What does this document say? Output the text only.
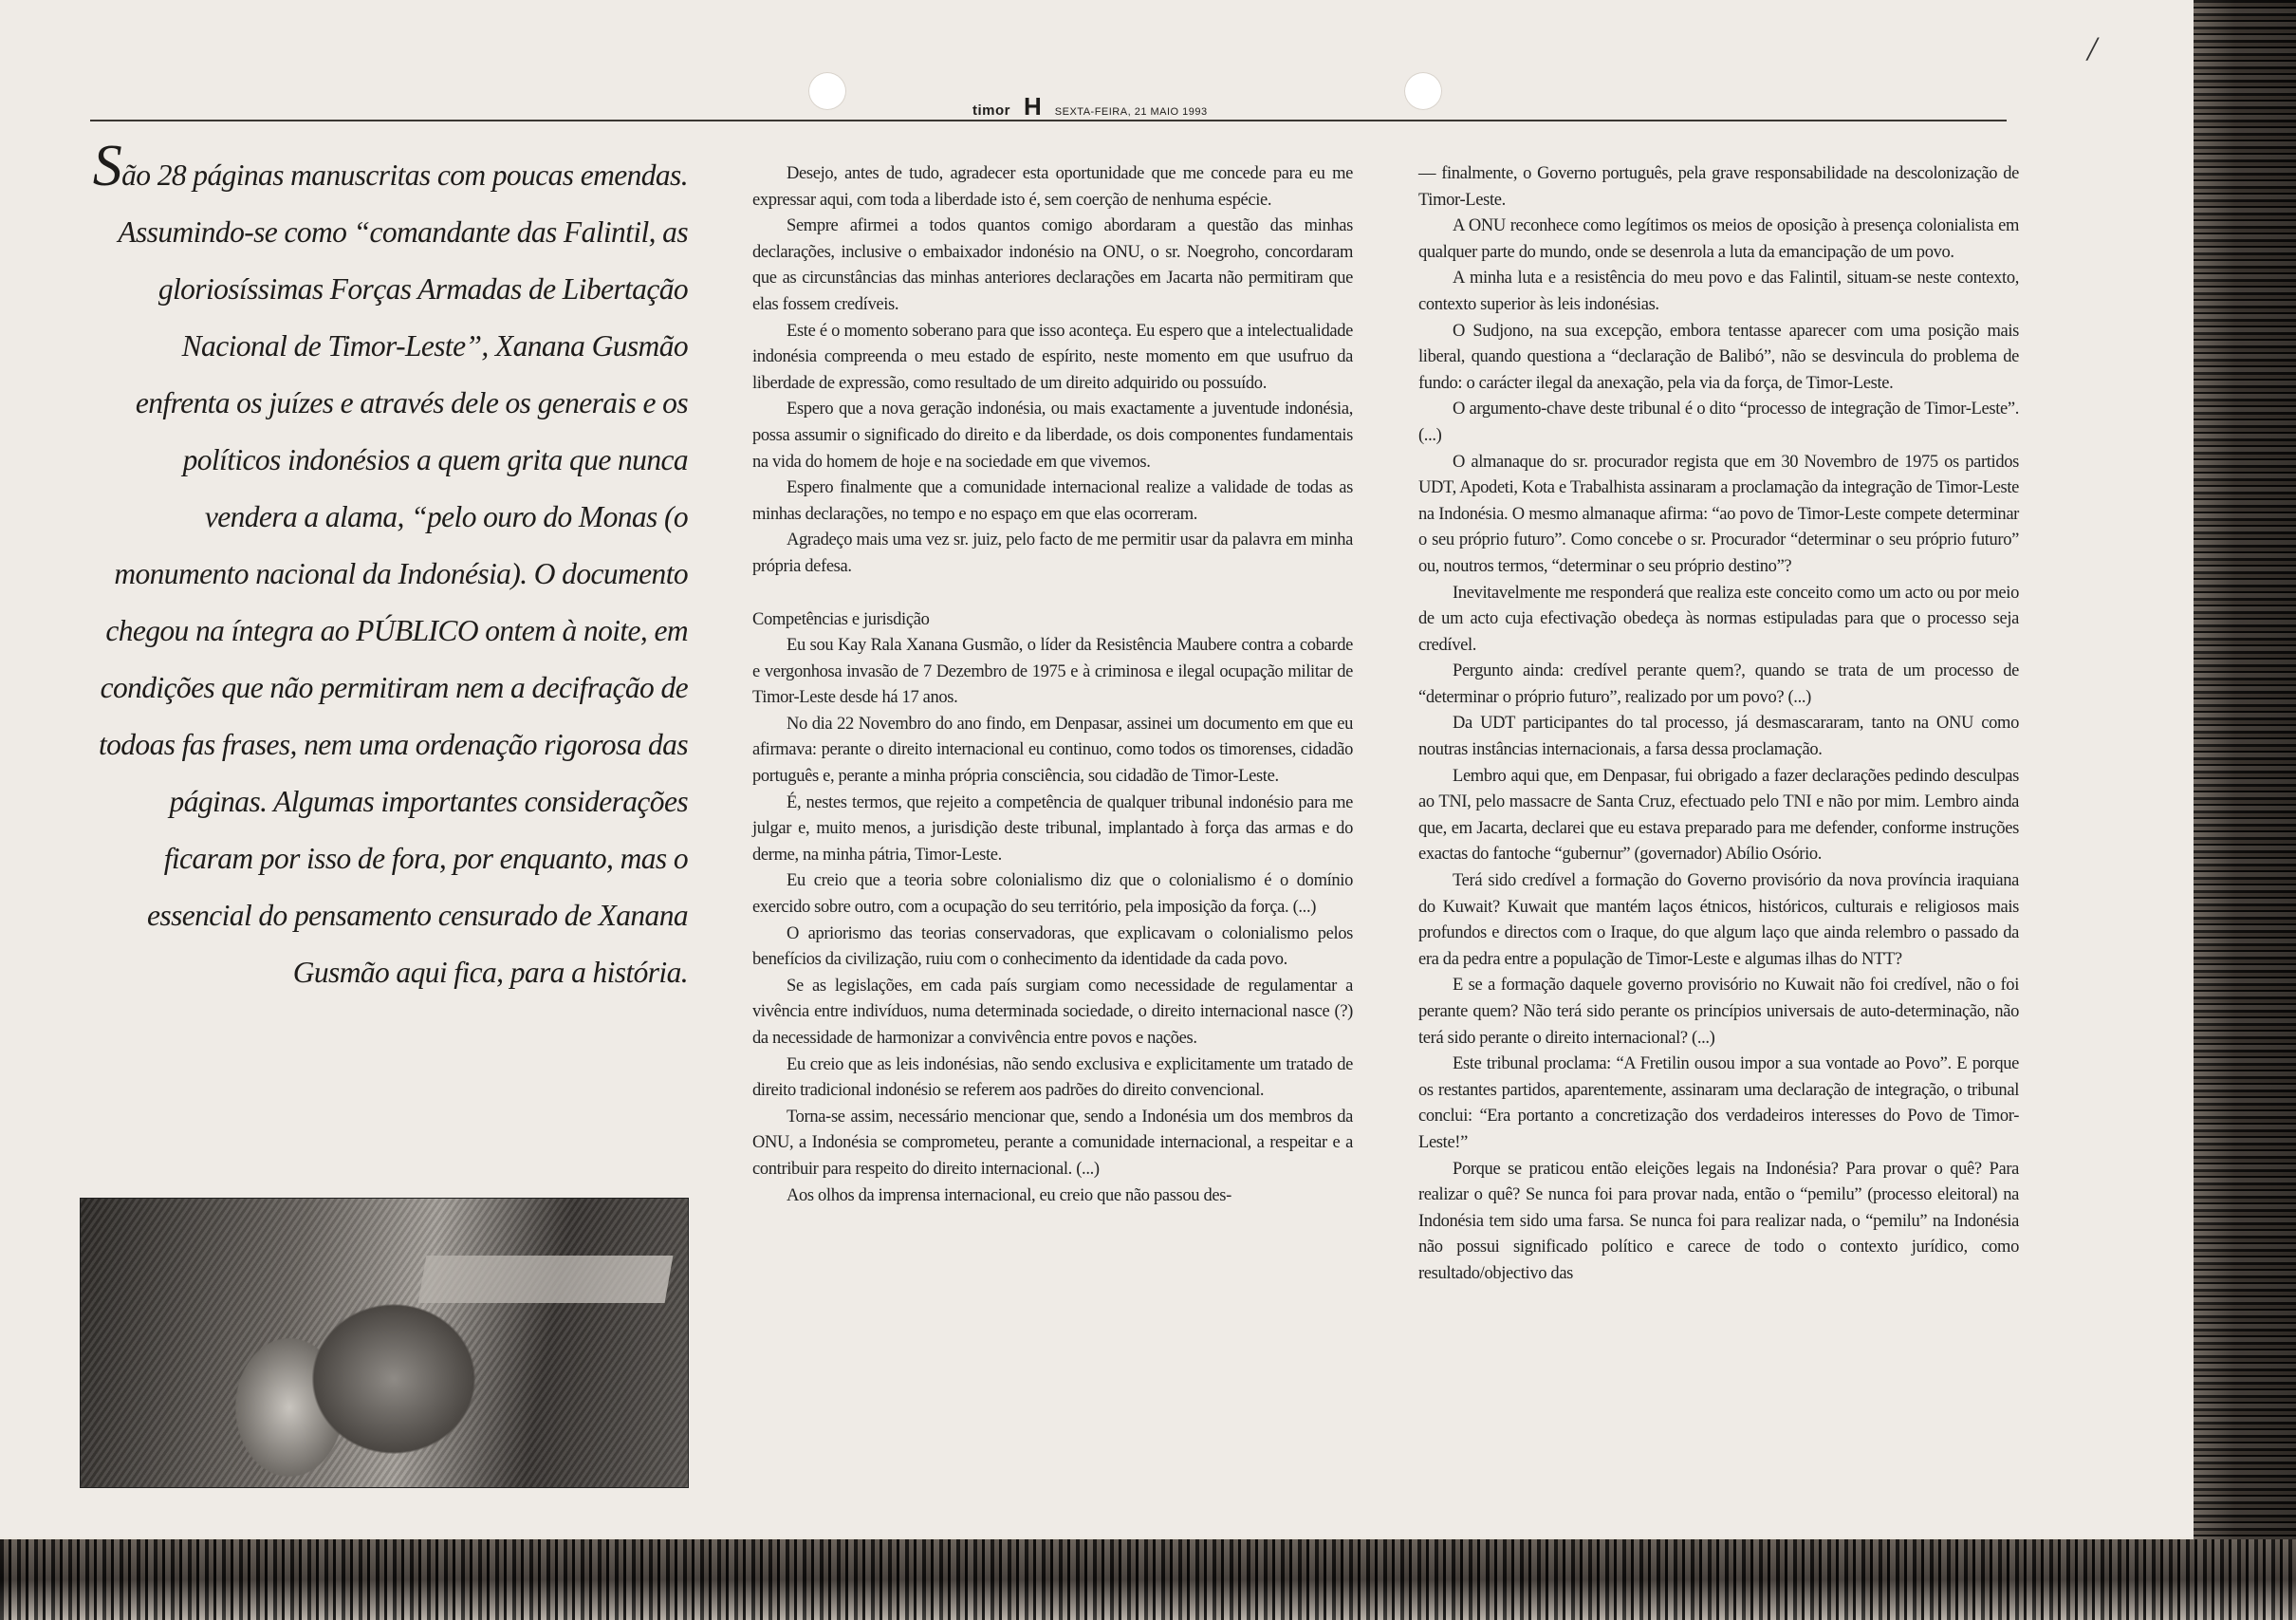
/
timor H SEXTA-FEIRA, 21 MAIO 1993
São 28 páginas manuscritas com poucas emendas. Assumindo-se como “comandante das Falintil, as gloriosíssimas Forças Armadas de Libertação Nacional de Timor-Leste”, Xanana Gusmão enfrenta os juízes e através dele os generais e os políticos indonésios a quem grita que nunca vendera a alama, “pelo ouro do Monas (o monumento nacional da Indonésia). O documento chegou na íntegra ao PÚBLICO ontem à noite, em condições que não permitiram nem a decifração de todoas fas frases, nem uma ordenação rigorosa das páginas. Algumas importantes considerações ficaram por isso de fora, por enquanto, mas o essencial do pensamento censurado de Xanana Gusmão aqui fica, para a história.

Desejo, antes de tudo, agradecer esta oportunidade que me concede para eu me expressar aqui, com toda a liberdade isto é, sem coerção de nenhuma espécie.

Sempre afirmei a todos quantos comigo abordaram a questão das minhas declarações, inclusive o embaixador indonésio na ONU, o sr. Noegroho, concordaram que as circunstâncias das minhas anteriores declarações em Jacarta não permitiram que elas fossem credíveis.

Este é o momento soberano para que isso aconteça. Eu espero que a intelectualidade indonésia compreenda o meu estado de espírito, neste momento em que usufruo da liberdade de expressão, como resultado de um direito adquirido ou possuído.

Espero que a nova geração indonésia, ou mais exactamente a juventude indonésia, possa assumir o significado do direito e da liberdade, os dois componentes fundamentais na vida do homem de hoje e na sociedade em que vivemos.

Espero finalmente que a comunidade internacional realize a validade de todas as minhas declarações, no tempo e no espaço em que elas ocorreram.

Agradeço mais uma vez sr. juiz, pelo facto de me permitir usar da palavra em minha própria defesa.

Competências e jurisdição

Eu sou Kay Rala Xanana Gusmão, o líder da Resistência Maubere contra a cobarde e vergonhosa invasão de 7 Dezembro de 1975 e à criminosa e ilegal ocupação militar de Timor-Leste desde há 17 anos.

No dia 22 Novembro do ano findo, em Denpasar, assinei um documento em que eu afirmava: perante o direito internacional eu continuo, como todos os timorenses, cidadão português e, perante a minha própria consciência, sou cidadão de Timor-Leste.

É, nestes termos, que rejeito a competência de qualquer tribunal indonésio para me julgar e, muito menos, a jurisdição deste tribunal, implantado à força das armas e do derme, na minha pátria, Timor-Leste.

Eu creio que a teoria sobre colonialismo diz que o colonialismo é o domínio exercido sobre outro, com a ocupação do seu território, pela imposição da força. (...)

O apriorismo das teorias conservadoras, que explicavam o colonialismo pelos benefícios da civilização, ruiu com o conhecimento da identidade da cada povo.

Se as legislações, em cada país surgiam como necessidade de regulamentar a vivência entre indivíduos, numa determinada sociedade, o direito internacional nasce (?) da necessidade de harmonizar a convivência entre povos e nações.

Eu creio que as leis indonésias, não sendo exclusiva e explicitamente um tratado de direito tradicional indonésio se referem aos padrões do direito convencional.

Torna-se assim, necessário mencionar que, sendo a Indonésia um dos membros da ONU, a Indonésia se comprometeu, perante a comunidade internacional, a respeitar e a contribuir para respeito do direito internacional. (...)

Aos olhos da imprensa internacional, eu creio que não passou des-

— finalmente, o Governo português, pela grave responsabilidade na descolonização de Timor-Leste.

A ONU reconhece como legítimos os meios de oposição à presença colonialista em qualquer parte do mundo, onde se desenrola a luta da emancipação de um povo.

A minha luta e a resistência do meu povo e das Falintil, situam-se neste contexto, contexto superior às leis indonésias.

O Sudjono, na sua excepção, embora tentasse aparecer com uma posição mais liberal, quando questiona a “declaração de Balibó”, não se desvincula do problema de fundo: o carácter ilegal da anexação, pela via da força, de Timor-Leste.

O argumento-chave deste tribunal é o dito “processo de integração de Timor-Leste”. (...)

O almanaque do sr. procurador regista que em 30 Novembro de 1975 os partidos UDT, Apodeti, Kota e Trabalhista assinaram a proclamação da integração de Timor-Leste na Indonésia. O mesmo almanaque afirma: “ao povo de Timor-Leste compete determinar o seu próprio futuro”. Como concebe o sr. Procurador “determinar o seu próprio futuro” ou, noutros termos, “determinar o seu próprio destino”?

Inevitavelmente me responderá que realiza este conceito como um acto ou por meio de um acto cuja efectivação obedeça às normas estipuladas para que o processo seja credível.

Pergunto ainda: credível perante quem?, quando se trata de um processo de “determinar o próprio futuro”, realizado por um povo? (...)

Da UDT participantes do tal processo, já desmascararam, tanto na ONU como noutras instâncias internacionais, a farsa dessa proclamação.

Lembro aqui que, em Denpasar, fui obrigado a fazer declarações pedindo desculpas ao TNI, pelo massacre de Santa Cruz, efectuado pelo TNI e não por mim. Lembro ainda que, em Jacarta, declarei que eu estava preparado para me defender, conforme instruções exactas do fantoche “gubernur” (governador) Abílio Osório.

Terá sido credível a formação do Governo provisório da nova província iraquiana do Kuwait? Kuwait que mantém laços étnicos, históricos, culturais e religiosos mais profundos e directos com o Iraque, do que algum laço que ainda relembro o passado da era da pedra entre a população de Timor-Leste e algumas ilhas do NTT?

E se a formação daquele governo provisório no Kuwait não foi credível, não o foi perante quem? Não terá sido perante os princípios universais de auto-determinação, não terá sido perante o direito internacional? (...)

Este tribunal proclama: “A Fretilin ousou impor a sua vontade ao Povo”. E porque os restantes partidos, aparentemente, assinaram uma declaração de integração, o tribunal conclui: “Era portanto a concretização dos verdadeiros interesses do Povo de Timor-Leste!”

Porque se praticou então eleições legais na Indonésia? Para provar o quê? Para realizar o quê? Se nunca foi para provar nada, então o “pemilu” (processo eleitoral) na Indonésia tem sido uma farsa. Se nunca foi para realizar nada, o “pemilu” na Indonésia não possui significado político e carece de todo o contexto jurídico, como resultado/objectivo das
